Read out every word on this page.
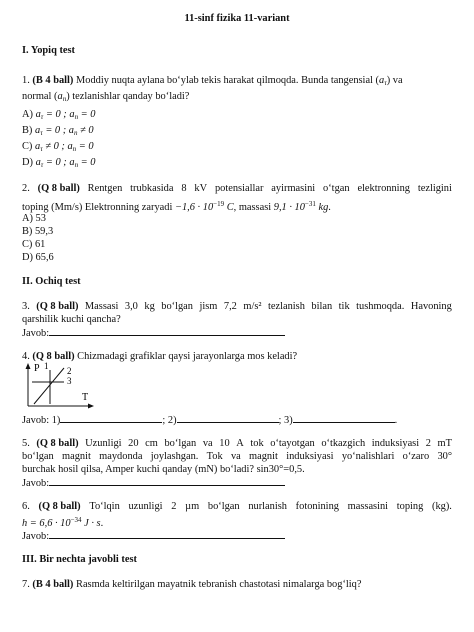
11-sinf fizika 11-variant
I. Yopiq test
1. (B 4 ball) Moddiy nuqta aylana bo‘ylab tekis harakat qilmoqda. Bunda tangensial $(a_\tau)$ va
normal $(a_n)$ tezlanishlar qanday bo‘ladi?
A) $a_\tau = 0$ ; $a_n = 0$
B) $a_\tau = 0$ ; $a_n \ne 0$
C) $a_\tau \ne 0$ ; $a_n = 0$
D) $a_\tau = 0$ ; $a_n = 0$
2. (Q 8 ball) Rentgen trubkasida 8 kV potensiallar ayirmasini o‘tgan elektronning tezligini
toping (Mm/s) Elektronning zaryadi $-1,6 \cdot 10^{-19}$ C, massasi $9,1 \cdot 10^{-31}$ kg.
A) 53
B) 59,3
C) 61
D) 65,6
II. Ochiq test
3. (Q 8 ball) Massasi 3,0 kg bo‘lgan jism 7,2 m/s² tezlanish bilan tik tushmoqda. Havoning
qarshilik kuchi qancha?
Javob:
4. (Q 8 ball) Chizmadagi grafiklar qaysi jarayonlarga mos keladi?
P
T
1 2
3
Javob: 1)	; 2)	; 3)	.
5. (Q 8 ball) Uzunligi 20 cm bo‘lgan va 10 A tok o‘tayotgan o‘tkazgich induksiyasi 2 mT
bo‘lgan magnit maydonda joylashgan. Tok va magnit induksiyasi yo‘nalishlari o‘zaro 30°
burchak hosil qilsa, Amper kuchi qanday (mN) bo‘ladi? sin30°=0,5.
Javob:
6. (Q 8 ball) To‘lqin uzunligi 2 µm bo‘lgan nurlanish fotonining massasini toping (kg).
$h = 6,6 \cdot 10^{-34}$ J · s.
Javob:
III. Bir nechta javobli test
7. (B 4 ball) Rasmda keltirilgan mayatnik tebranish chastotasi nimalarga bog‘liq?
